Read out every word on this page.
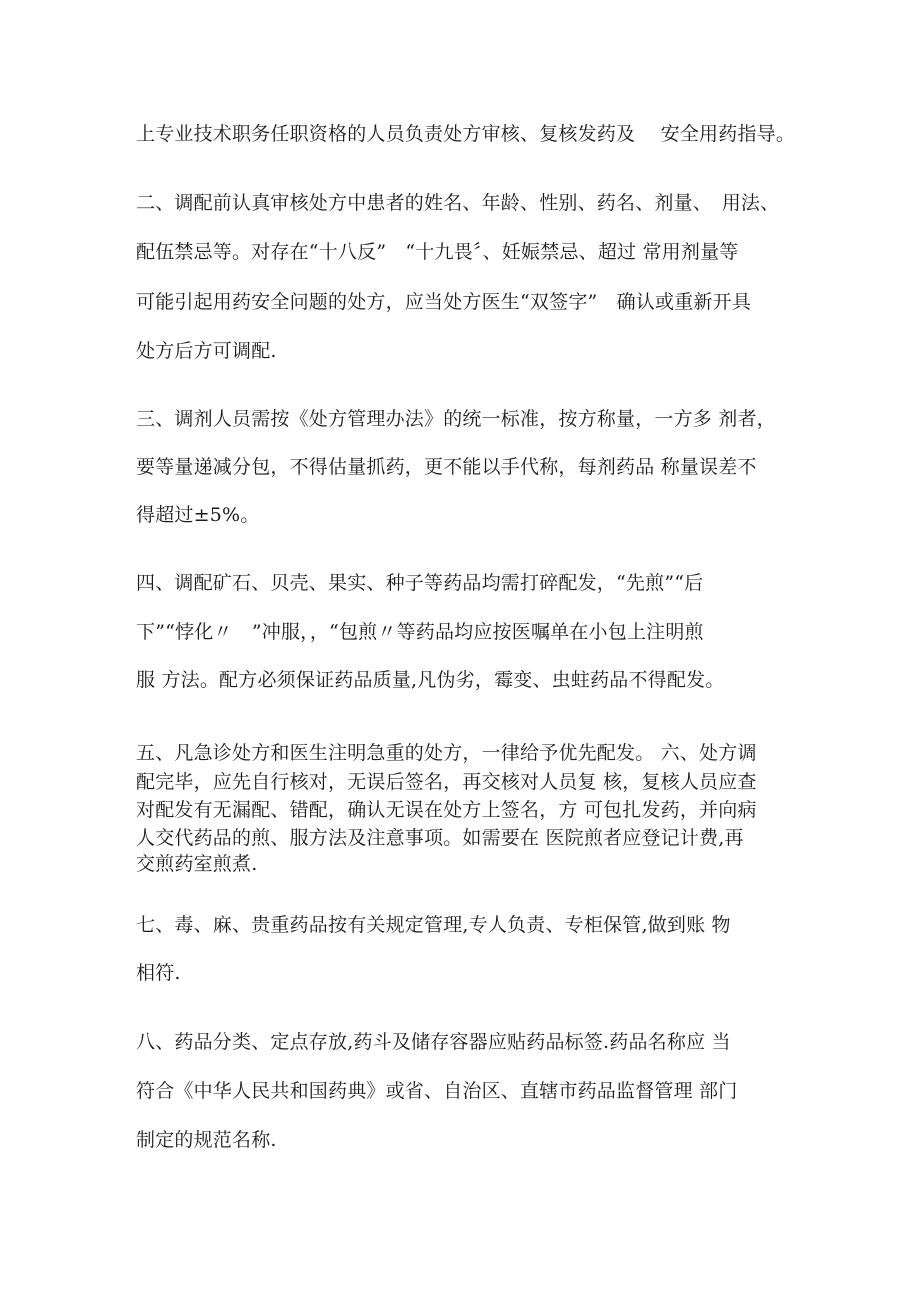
上专业技术职务任职资格的人员负责处方审核、复核发药及　 安全用药指导。

二、调配前认真审核处方中患者的姓名、年龄、性别、药名、剂量、　用法、

配伍禁忌等。对存在“十八反”　“十九畏〞、妊娠禁忌、超过 常用剂量等

可能引起用药安全问题的处方，应当处方医生“双签字”　确认或重新开具

处方后方可调配.

三、调剂人员需按《处方管理办法》的统一标准，按方称量，一方多 剂者，

要等量递减分包，不得估量抓药，更不能以手代称，每剂药品 称量误差不

得超过±5%。

四、调配矿石、贝壳、果实、种子等药品均需打碎配发，“先煎”“后

下”“悖化〃　”冲服，，“包煎〃等药品均应按医嘱单在小包上注明煎

服 方法。配方必须保证药品质量,凡伪劣，霉变、虫蛀药品不得配发。

五、凡急诊处方和医生注明急重的处方，一律给予优先配发。 六、处方调

配完毕，应先自行核对，无误后签名，再交核对人员复 核，复核人员应查

对配发有无漏配、错配，确认无误在处方上签名，方 可包扎发药，并向病

人交代药品的煎、服方法及注意事项。如需要在 医院煎者应登记计费,再

交煎药室煎煮.

七、毒、麻、贵重药品按有关规定管理,专人负责、专柜保管,做到账 物

相符.

八、药品分类、定点存放,药斗及储存容器应贴药品标签.药品名称应 当

符合《中华人民共和国药典》或省、自治区、直辖市药品监督管理 部门

制定的规范名称.
